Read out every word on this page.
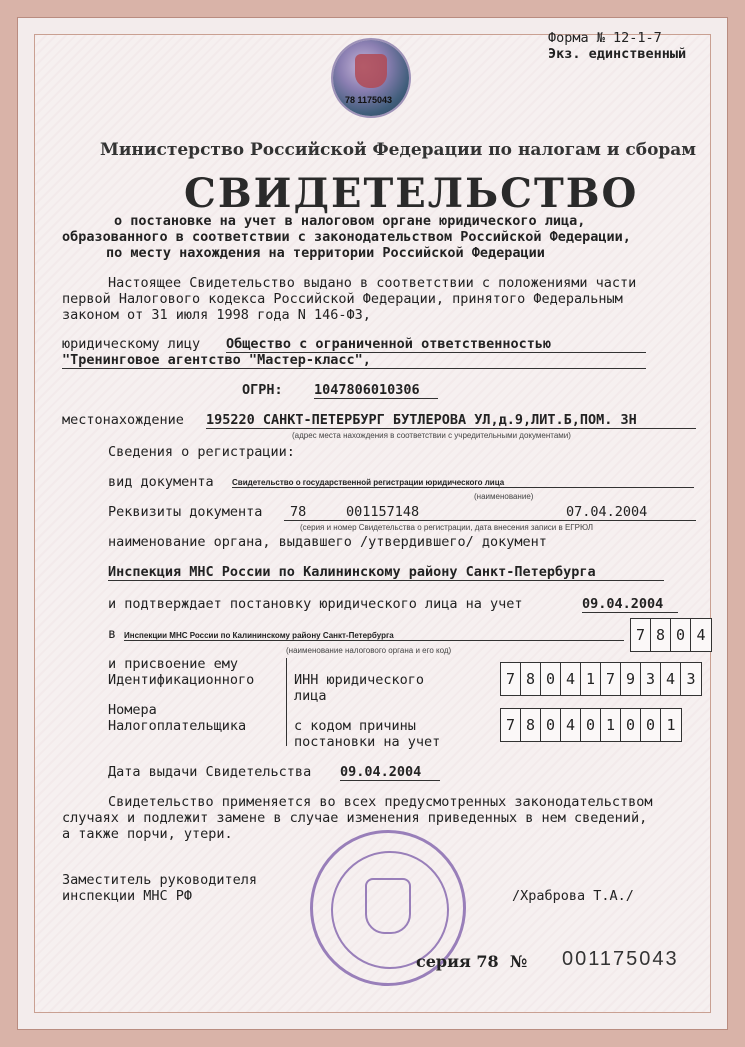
Форма № 12-1-7
Экз. единственный
78 1175043
Министерство Российской Федерации по налогам и сборам
СВИДЕТЕЛЬСТВО
о постановке на учет в налоговом органе юридического лица,
образованного в соответствии с законодательством Российской Федерации,
по месту нахождения на территории Российской Федерации
Настоящее Свидетельство выдано в соответствии с положениями части
первой Налогового кодекса Российской Федерации, принятого Федеральным
законом от 31 июля 1998 года N 146-ФЗ,
юридическому лицу Общество с ограниченной ответственностью
"Тренинговое агентство "Мастер-класс",
ОГРН: 1047806010306
местонахождение 195220 САНКТ-ПЕТЕРБУРГ БУТЛЕРОВА УЛ,д.9,ЛИТ.Б,ПОМ. 3Н
(адрес места нахождения в соответствии с учредительными документами)
Сведения о регистрации:
вид документа Свидетельство о государственной регистрации юридического лица
(наименование)
Реквизиты документа 78	001157148	07.04.2004
(серия и номер Свидетельства о регистрации, дата внесения записи в ЕГРЮЛ
наименование органа, выдавшего /утвердившего/ документ
Инспекция МНС России по Калининскому району Санкт-Петербурга
и подтверждает постановку юридического лица на учет	09.04.2004
в Инспекции МНС России по Калининскому району Санкт-Петербурга
(наименование налогового органа и его код)
7 8 0 4
и присвоение ему
Идентификационного
Номера
Налогоплательщика
ИНН юридического
лица
7 8 0 4 1 7 9 3 4 3
с кодом причины
постановки на учет
7 8 0 4 0 1 0 0 1
Дата выдачи Свидетельства 09.04.2004
Свидетельство применяется во всех предусмотренных законодательством
случаях и подлежит замене в случае изменения приведенных в нем сведений,
а также порчи, утери.
Заместитель руководителя
инспекции МНС РФ	/Храброва Т.А./
серия 78 № 001175043
